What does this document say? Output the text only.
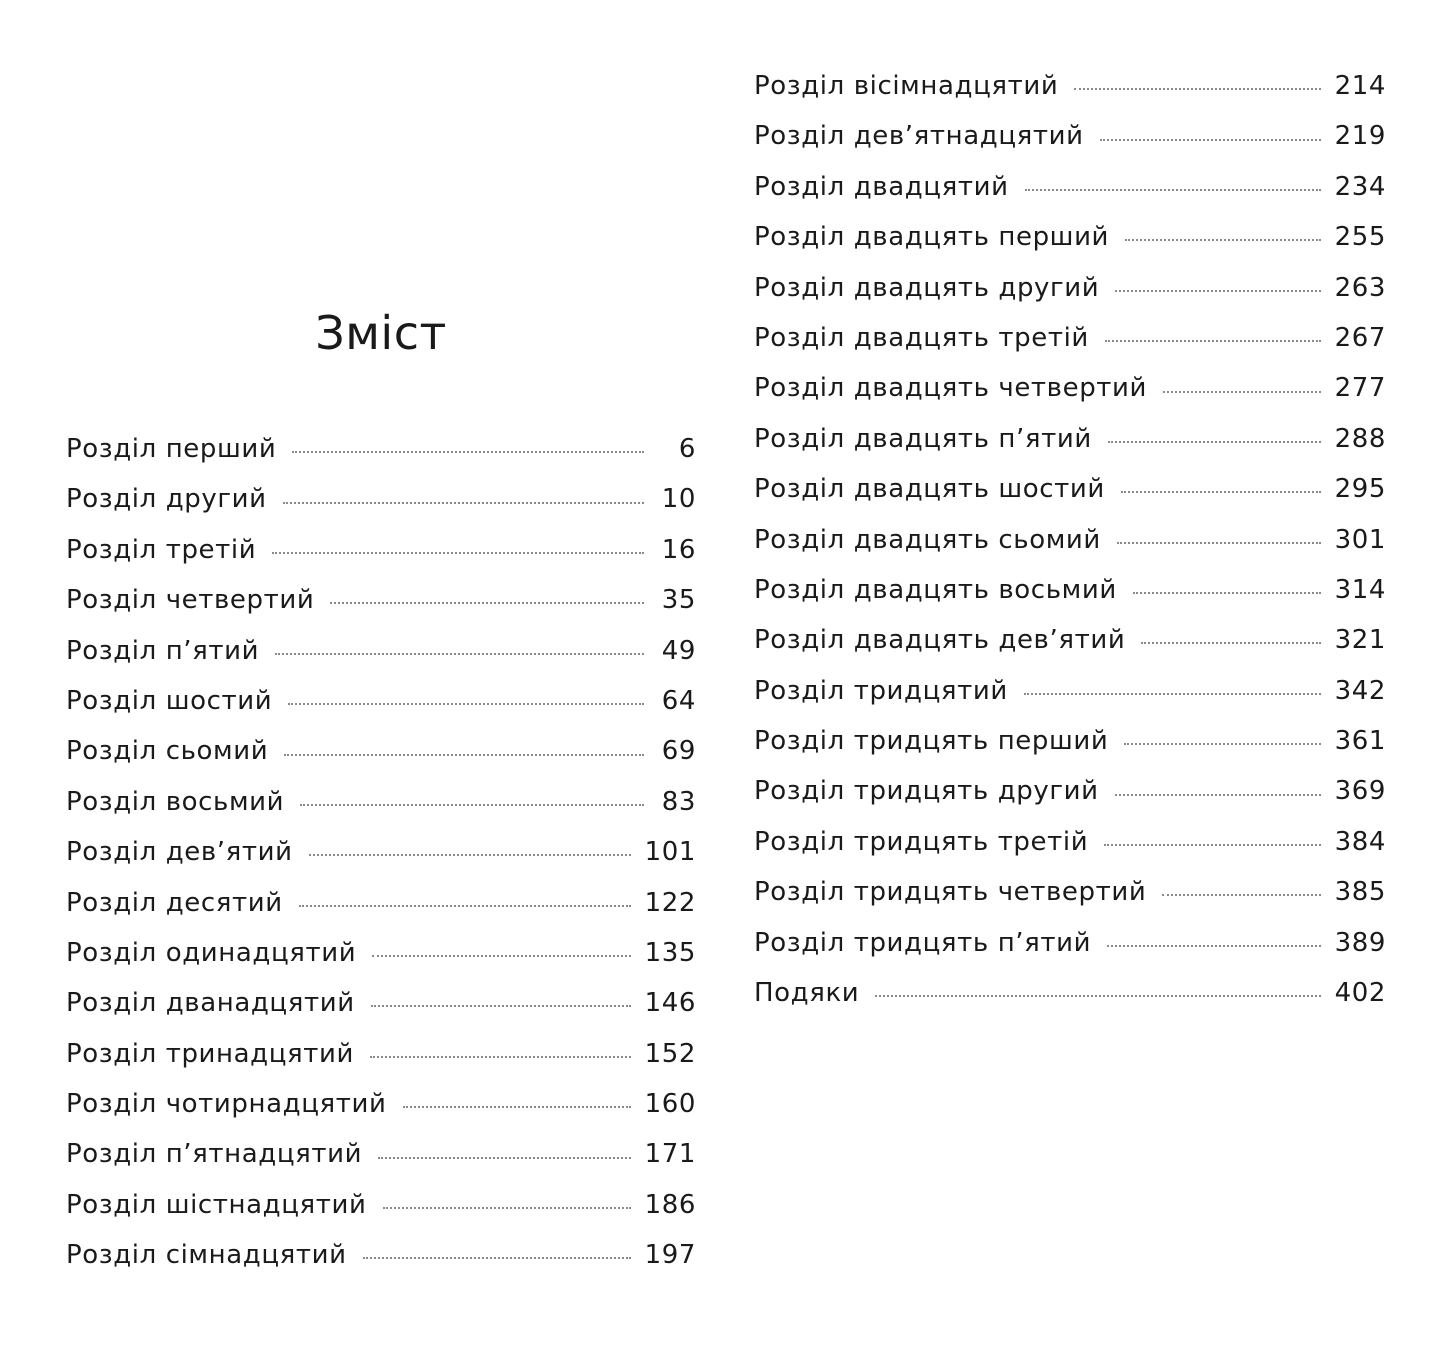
Зміст
Розділ перший	6
Розділ другий	10
Розділ третій	16
Розділ четвертий	35
Розділ п’ятий	49
Розділ шостий	64
Розділ сьомий	69
Розділ восьмий	83
Розділ дев’ятий	101
Розділ десятий	122
Розділ одинадцятий	135
Розділ дванадцятий	146
Розділ тринадцятий	152
Розділ чотирнадцятий	160
Розділ п’ятнадцятий	171
Розділ шістнадцятий	186
Розділ сімнадцятий	197
Розділ вісімнадцятий	214
Розділ дев’ятнадцятий	219
Розділ двадцятий	234
Розділ двадцять перший	255
Розділ двадцять другий	263
Розділ двадцять третій	267
Розділ двадцять четвертий	277
Розділ двадцять п’ятий	288
Розділ двадцять шостий	295
Розділ двадцять сьомий	301
Розділ двадцять восьмий	314
Розділ двадцять дев’ятий	321
Розділ тридцятий	342
Розділ тридцять перший	361
Розділ тридцять другий	369
Розділ тридцять третій	384
Розділ тридцять четвертий	385
Розділ тридцять п’ятий	389
Подяки	402
